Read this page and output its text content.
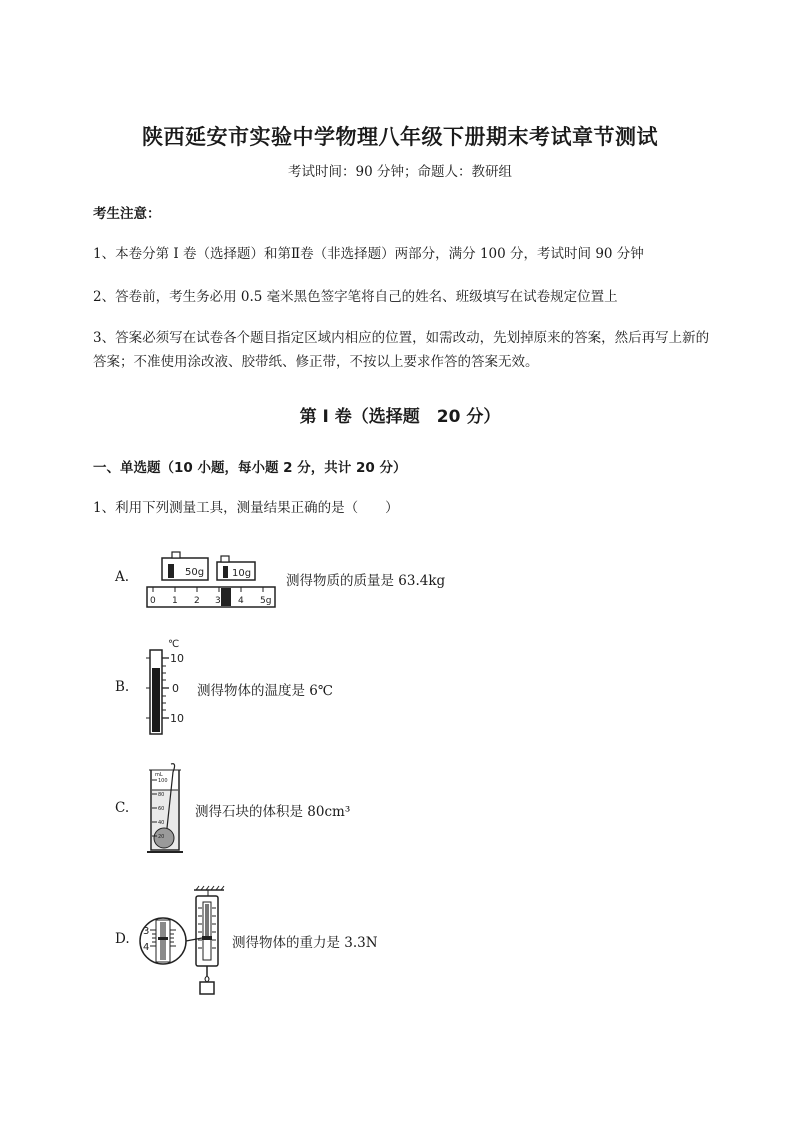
陕西延安市实验中学物理八年级下册期末考试章节测试
考试时间：90 分钟；命题人：教研组
考生注意：
1、本卷分第 I 卷（选择题）和第Ⅱ卷（非选择题）两部分，满分 100 分，考试时间 90 分钟
2、答卷前，考生务必用 0.5 毫米黑色签字笔将自己的姓名、班级填写在试卷规定位置上
3、答案必须写在试卷各个题目指定区域内相应的位置，如需改动，先划掉原来的答案，然后再写上新的答案；不准使用涂改液、胶带纸、修正带，不按以上要求作答的答案无效。
第 I 卷（选择题　20 分）
一、单选题（10 小题，每小题 2 分，共计 20 分）
1、利用下列测量工具，测量结果正确的是（　　）
A.	50g	10g
0 1 2 3 4 5g
测得物质的质量是 63.4kg
B.
℃
10
0
10
测得物体的温度是 6℃
C.
mL
100
80
60
40
20
测得石块的体积是 80cm³
D. 3
4	测得物体的重力是 3.3N
